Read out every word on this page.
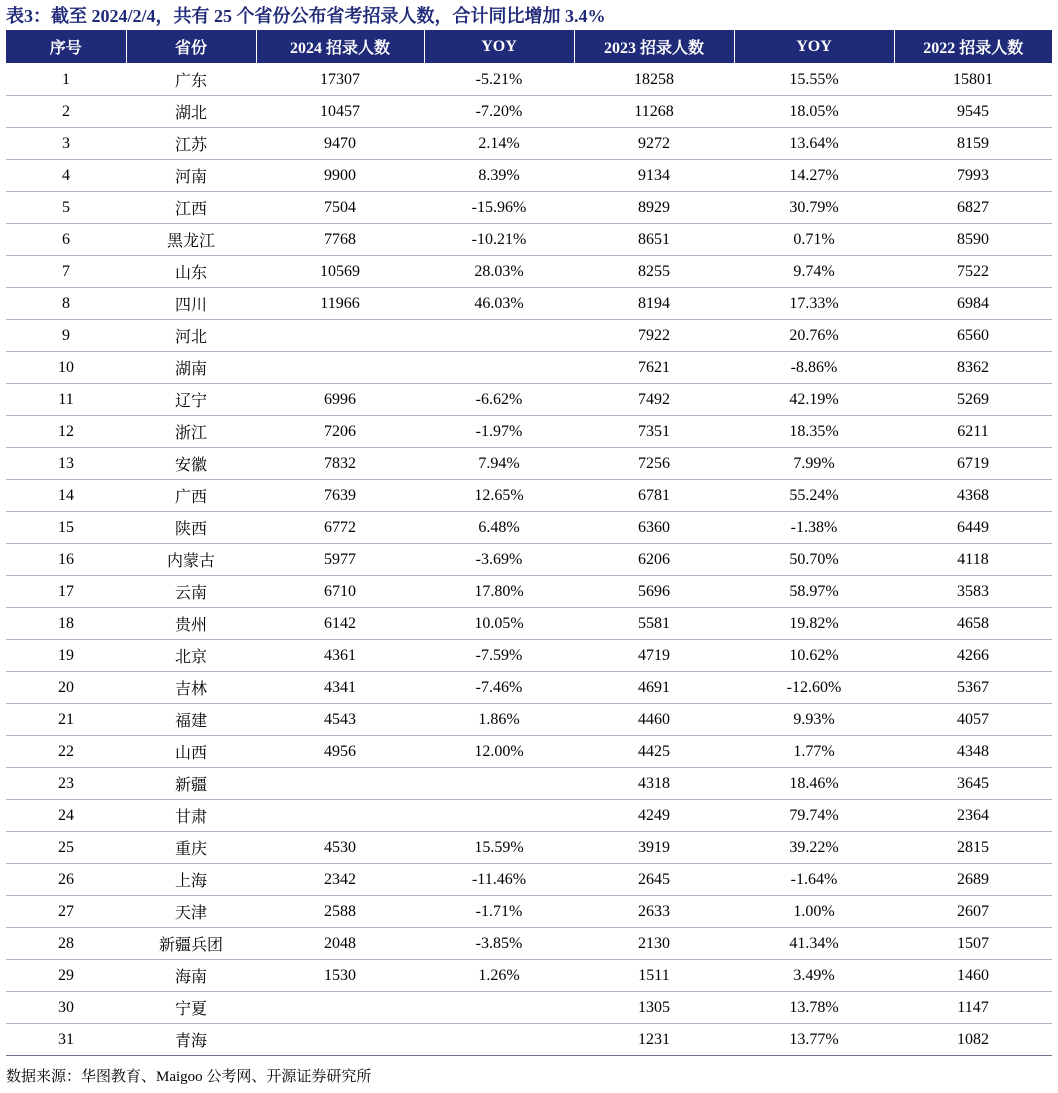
表3：截至 2024/2/4，共有 25 个省份公布省考招录人数，合计同比增加 3.4%
序号	省份	2024 招录人数	YOY	2023 招录人数	YOY	2022 招录人数
1	广东	17307	-5.21%	18258	15.55%	15801
2	湖北	10457	-7.20%	11268	18.05%	9545
3	江苏	9470	2.14%	9272	13.64%	8159
4	河南	9900	8.39%	9134	14.27%	7993
5	江西	7504	-15.96%	8929	30.79%	6827
6	黑龙江	7768	-10.21%	8651	0.71%	8590
7	山东	10569	28.03%	8255	9.74%	7522
8	四川	11966	46.03%	8194	17.33%	6984
9	河北			7922	20.76%	6560
10	湖南			7621	-8.86%	8362
11	辽宁	6996	-6.62%	7492	42.19%	5269
12	浙江	7206	-1.97%	7351	18.35%	6211
13	安徽	7832	7.94%	7256	7.99%	6719
14	广西	7639	12.65%	6781	55.24%	4368
15	陕西	6772	6.48%	6360	-1.38%	6449
16	内蒙古	5977	-3.69%	6206	50.70%	4118
17	云南	6710	17.80%	5696	58.97%	3583
18	贵州	6142	10.05%	5581	19.82%	4658
19	北京	4361	-7.59%	4719	10.62%	4266
20	吉林	4341	-7.46%	4691	-12.60%	5367
21	福建	4543	1.86%	4460	9.93%	4057
22	山西	4956	12.00%	4425	1.77%	4348
23	新疆			4318	18.46%	3645
24	甘肃			4249	79.74%	2364
25	重庆	4530	15.59%	3919	39.22%	2815
26	上海	2342	-11.46%	2645	-1.64%	2689
27	天津	2588	-1.71%	2633	1.00%	2607
28	新疆兵团	2048	-3.85%	2130	41.34%	1507
29	海南	1530	1.26%	1511	3.49%	1460
30	宁夏			1305	13.78%	1147
31	青海			1231	13.77%	1082
数据来源：华图教育、Maigoo 公考网、开源证券研究所
